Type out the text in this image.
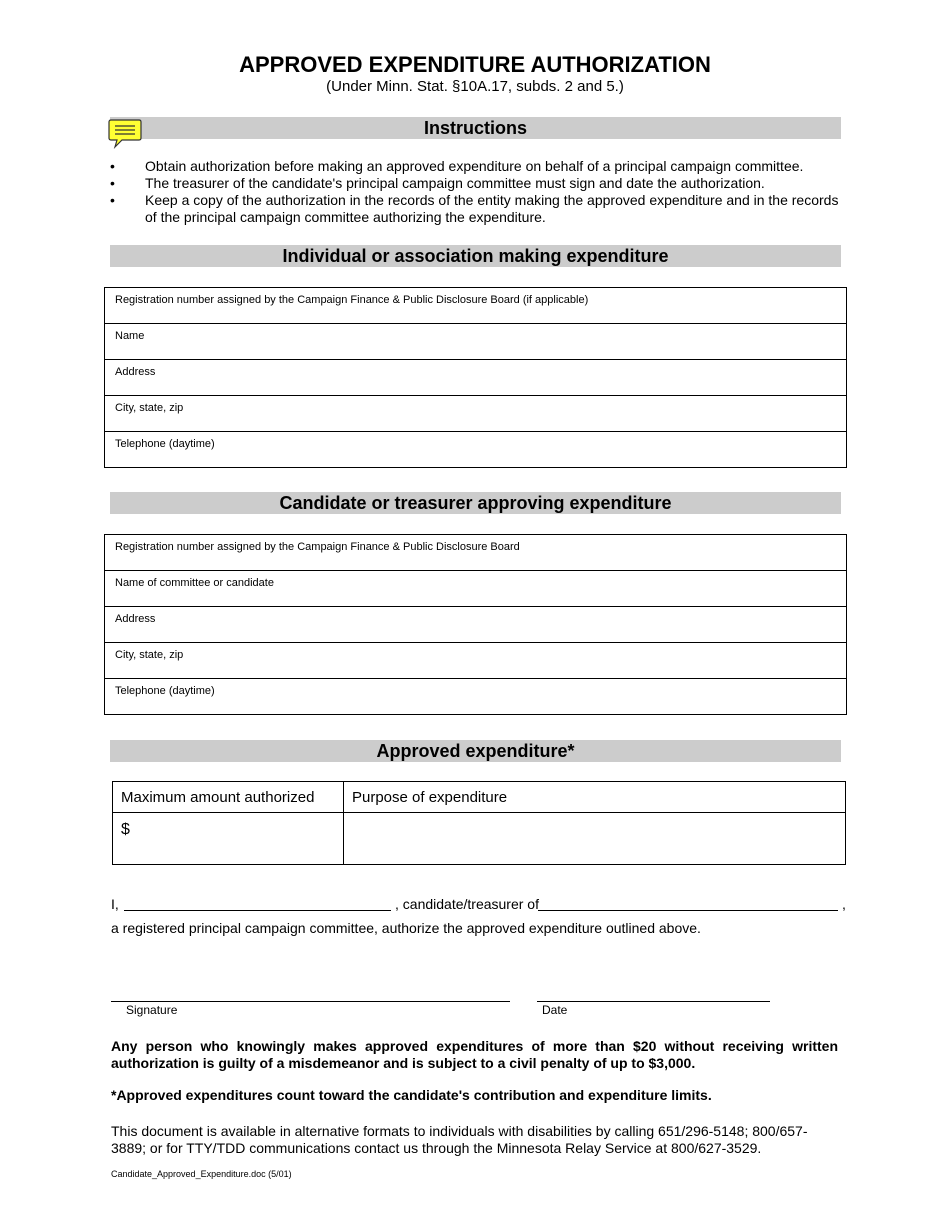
APPROVED EXPENDITURE AUTHORIZATION
(Under Minn. Stat. §10A.17, subds. 2 and 5.)
Instructions
•	Obtain authorization before making an approved expenditure on behalf of a principal campaign committee.
•	The treasurer of the candidate's principal campaign committee must sign and date the authorization.
•	Keep a copy of the authorization in the records of the entity making the approved expenditure and in the records of the principal campaign committee authorizing the expenditure.
Individual or association making expenditure
Registration number assigned by the Campaign Finance & Public Disclosure Board (if applicable)
Name
Address
City, state, zip
Telephone (daytime)
Candidate or treasurer approving expenditure
Registration number assigned by the Campaign Finance & Public Disclosure Board
Name of committee or candidate
Address
City, state, zip
Telephone (daytime)
Approved expenditure*
Maximum amount authorized	Purpose of expenditure
$	
I,	, candidate/treasurer of	,
a registered principal campaign committee, authorize the approved expenditure outlined above.
Signature	Date
Any person who knowingly makes approved expenditures of more than $20 without receiving written authorization is guilty of a misdemeanor and is subject to a civil penalty of up to $3,000.
*Approved expenditures count toward the candidate's contribution and expenditure limits.
This document is available in alternative formats to individuals with disabilities by calling 651/296-5148; 800/657-3889; or for TTY/TDD communications contact us through the Minnesota Relay Service at 800/627-3529.
Candidate_Approved_Expenditure.doc (5/01)
